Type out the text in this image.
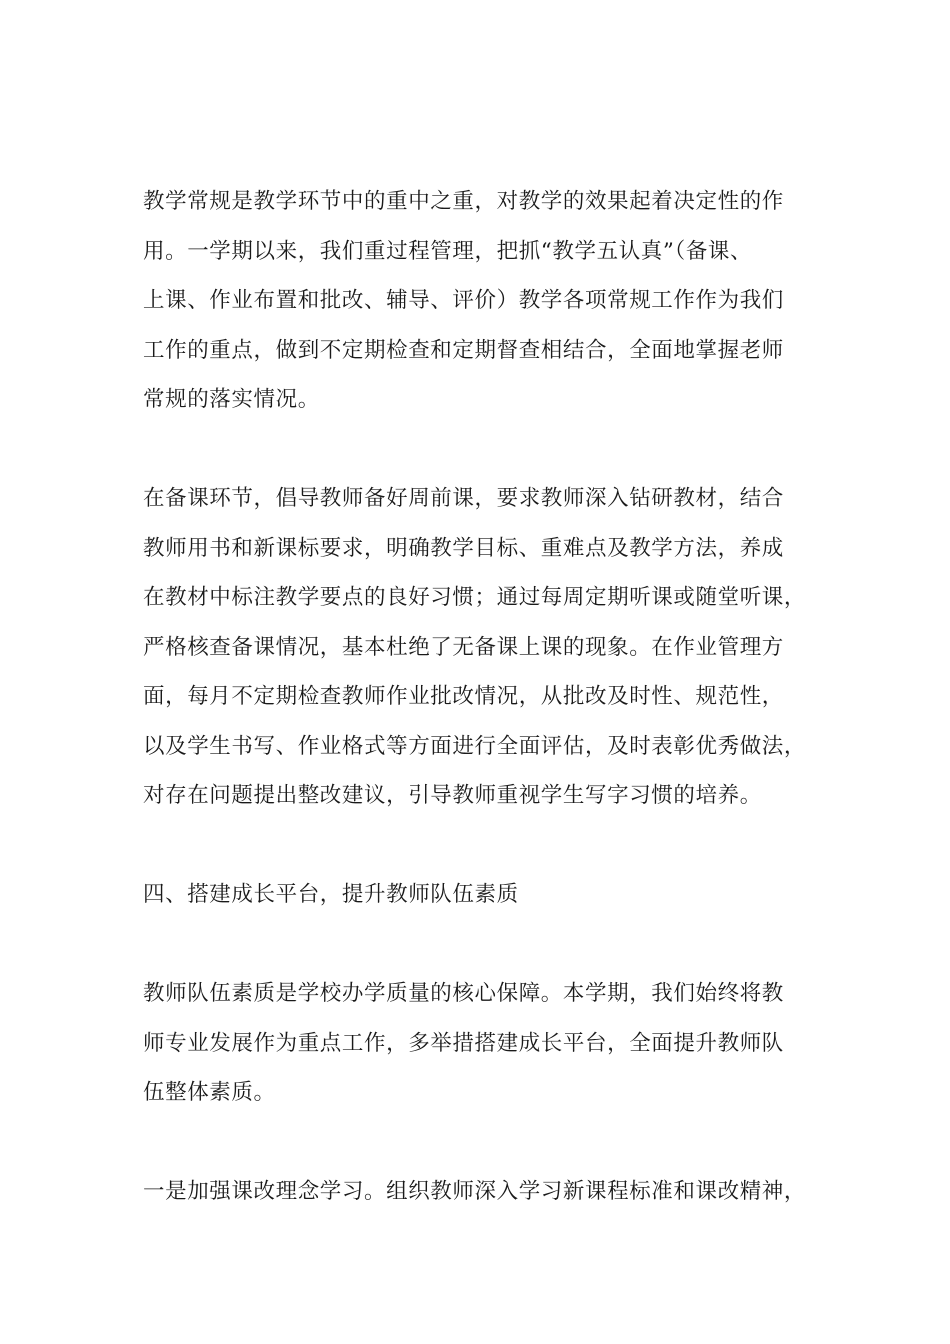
教学常规是教学环节中的重中之重，对教学的效果起着决定性的作
用。一学期以来，我们重过程管理，把抓“教学五认真”（备课、
上课、作业布置和批改、辅导、评价）教学各项常规工作作为我们
工作的重点，做到不定期检查和定期督查相结合，全面地掌握老师
常规的落实情况。
在备课环节，倡导教师备好周前课，要求教师深入钻研教材，结合
教师用书和新课标要求，明确教学目标、重难点及教学方法，养成
在教材中标注教学要点的良好习惯；通过每周定期听课或随堂听课，
严格核查备课情况，基本杜绝了无备课上课的现象。在作业管理方
面，每月不定期检查教师作业批改情况，从批改及时性、规范性，
以及学生书写、作业格式等方面进行全面评估，及时表彰优秀做法，
对存在问题提出整改建议，引导教师重视学生写字习惯的培养。
四、搭建成长平台，提升教师队伍素质
教师队伍素质是学校办学质量的核心保障。本学期，我们始终将教
师专业发展作为重点工作，多举措搭建成长平台，全面提升教师队
伍整体素质。
一是加强课改理念学习。组织教师深入学习新课程标准和课改精神，
